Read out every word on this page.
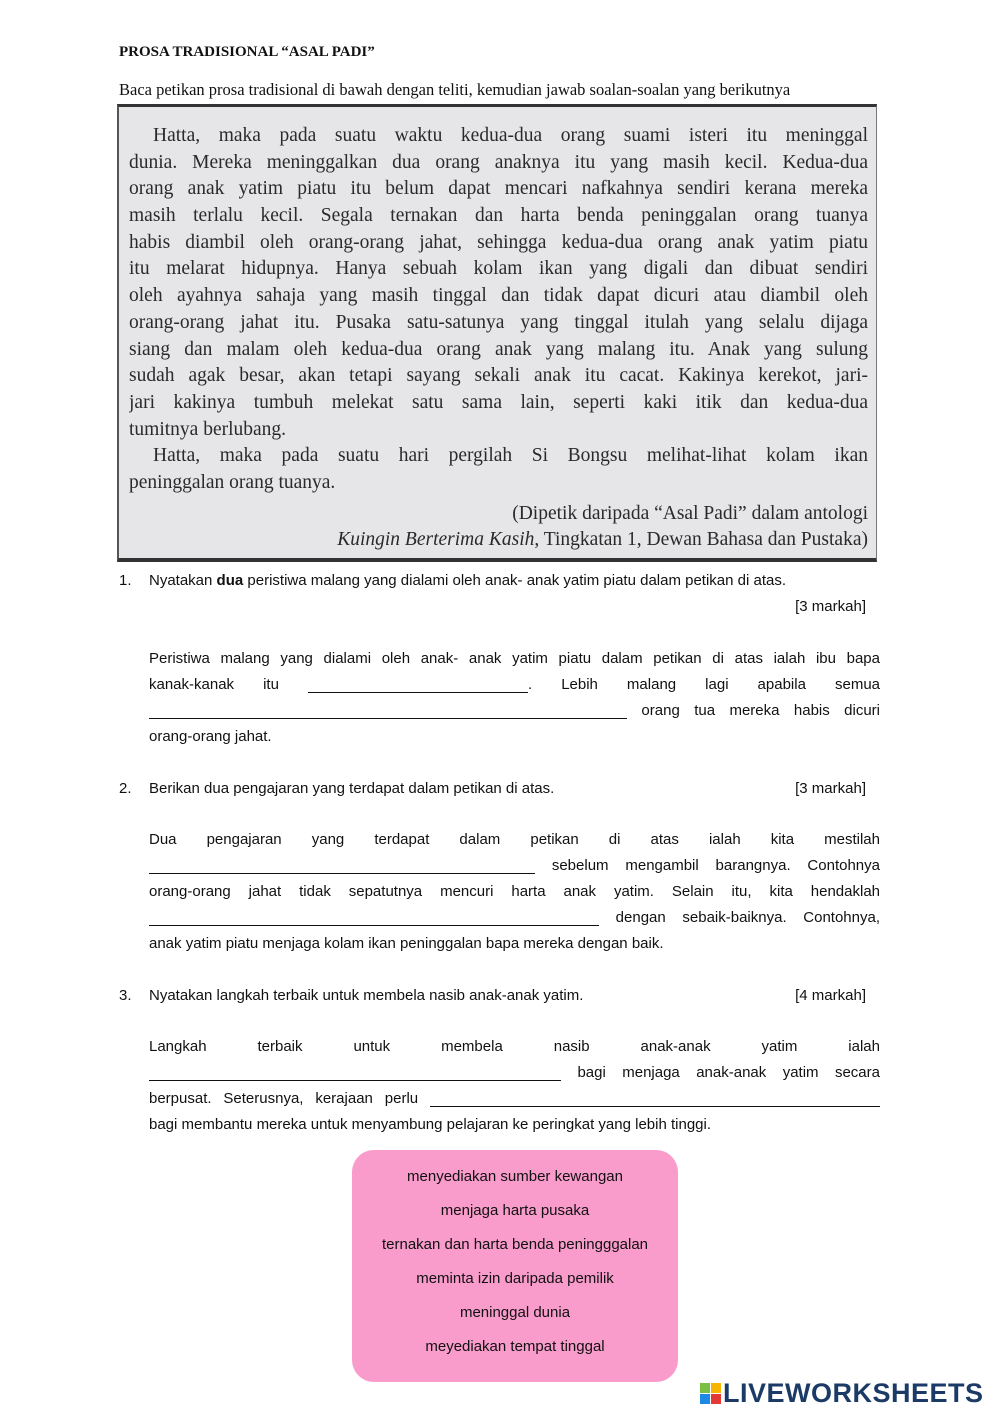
PROSA TRADISIONAL “ASAL PADI”
Baca petikan prosa tradisional di bawah dengan teliti, kemudian jawab soalan-soalan yang berikutnya
Hatta, maka pada suatu waktu kedua-dua orang suami isteri itu meninggal
dunia. Mereka meninggalkan dua orang anaknya itu yang masih kecil. Kedua-dua
orang anak yatim piatu itu belum dapat mencari nafkahnya sendiri kerana mereka
masih terlalu kecil. Segala ternakan dan harta benda peninggalan orang tuanya
habis diambil oleh orang-orang jahat, sehingga kedua-dua orang anak yatim piatu
itu melarat hidupnya. Hanya sebuah kolam ikan yang digali dan dibuat sendiri
oleh ayahnya sahaja yang masih tinggal dan tidak dapat dicuri atau diambil oleh
orang-orang jahat itu. Pusaka satu-satunya yang tinggal itulah yang selalu dijaga
siang dan malam oleh kedua-dua orang anak yang malang itu. Anak yang sulung
sudah agak besar, akan tetapi sayang sekali anak itu cacat. Kakinya kerekot, jari-
jari kakinya tumbuh melekat satu sama lain, seperti kaki itik dan kedua-dua
tumitnya berlubang.
Hatta, maka pada suatu hari pergilah Si Bongsu melihat-lihat kolam ikan
peninggalan orang tuanya.
(Dipetik daripada “Asal Padi” dalam antologi
Kuingin Berterima Kasih, Tingkatan 1, Dewan Bahasa dan Pustaka)
1. Nyatakan dua peristiwa malang yang dialami oleh anak- anak yatim piatu dalam petikan di atas.
[3 markah]
Peristiwa malang yang dialami oleh anak- anak yatim piatu dalam petikan di atas ialah ibu bapa
kanak-kanak itu	. Lebih malang lagi apabila semua
orang tua mereka habis dicuri
orang-orang jahat.
2. Berikan dua pengajaran yang terdapat dalam petikan di atas.	[3 markah]
Dua pengajaran yang terdapat dalam petikan di atas ialah kita mestilah
sebelum mengambil barangnya. Contohnya
orang-orang jahat tidak sepatutnya mencuri harta anak yatim. Selain itu, kita hendaklah
dengan sebaik-baiknya. Contohnya,
anak yatim piatu menjaga kolam ikan peninggalan bapa mereka dengan baik.
3. Nyatakan langkah terbaik untuk membela nasib anak-anak yatim.	[4 markah]
Langkah terbaik untuk membela nasib anak-anak yatim ialah
bagi menjaga anak-anak yatim secara
berpusat. Seterusnya, kerajaan perlu
bagi membantu mereka untuk menyambung pelajaran ke peringkat yang lebih tinggi.
menyediakan sumber kewangan
menjaga harta pusaka
ternakan dan harta benda peningggalan
meminta izin daripada pemilik
meninggal dunia
meyediakan tempat tinggal
LIVEWORKSHEETS
